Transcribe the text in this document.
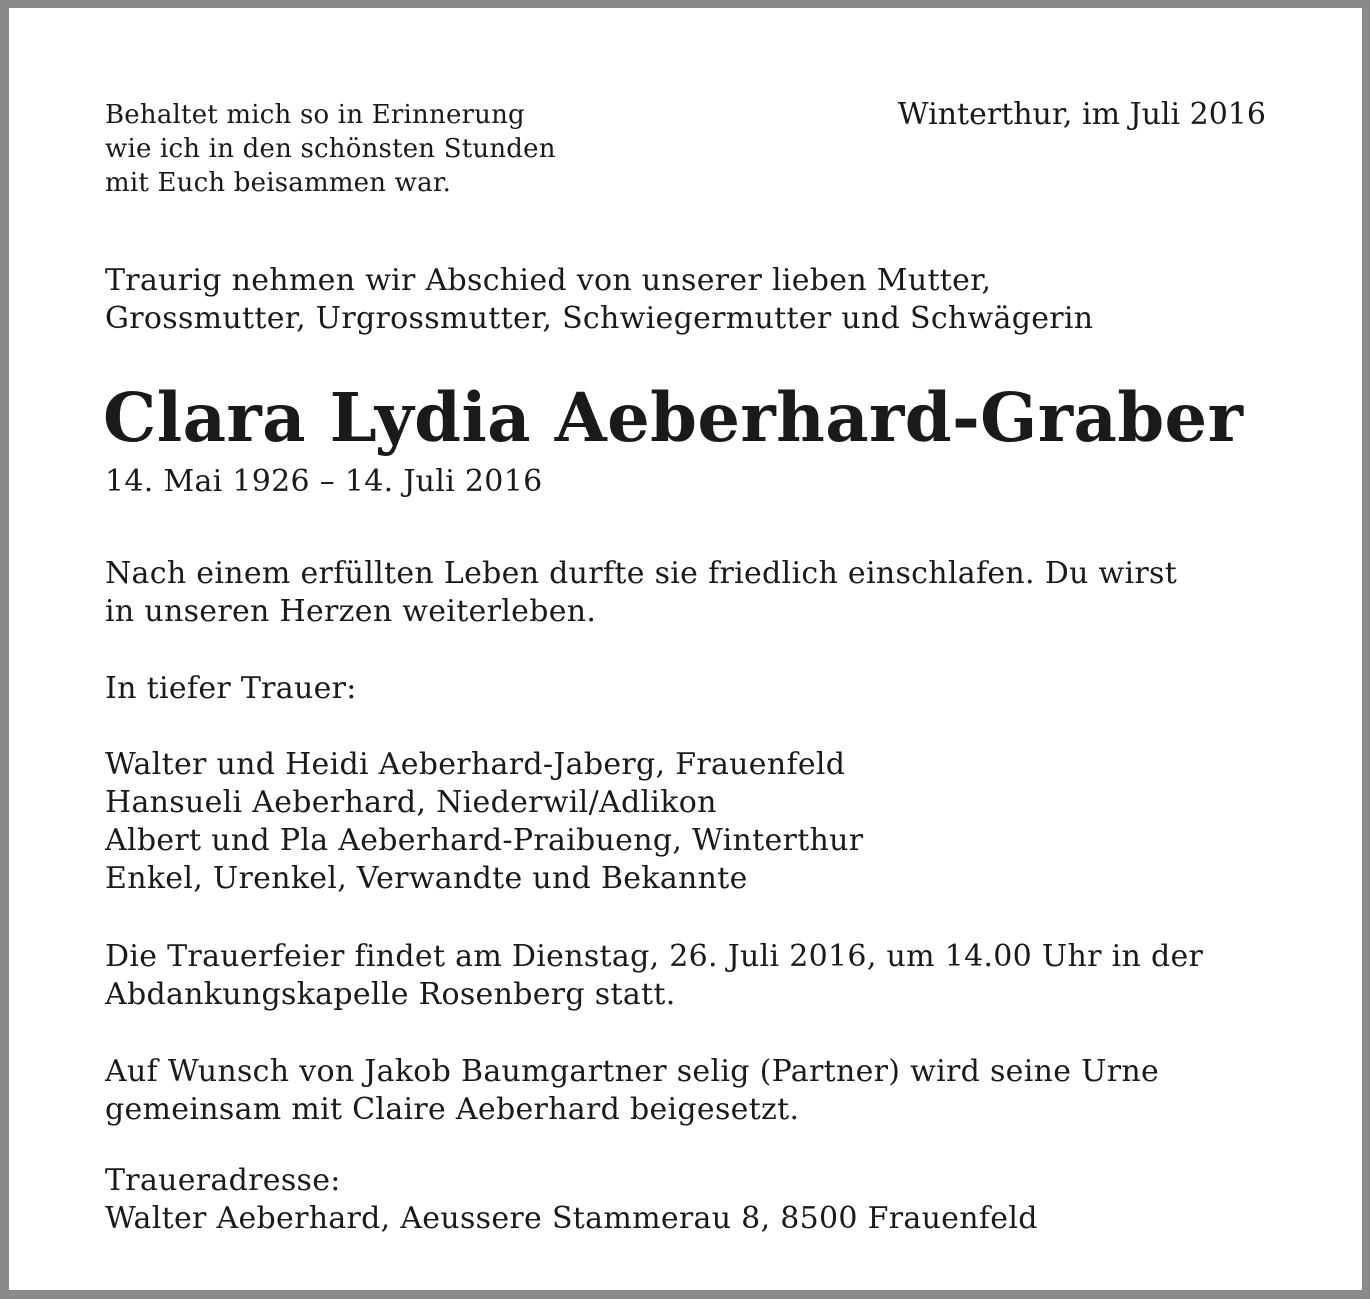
Behaltet mich so in Erinnerung
wie ich in den schönsten Stunden
mit Euch beisammen war.

Winterthur, im Juli 2016

Traurig nehmen wir Abschied von unserer lieben Mutter,
Grossmutter, Urgrossmutter, Schwiegermutter und Schwägerin

Clara Lydia Aeberhard-Graber

14. Mai 1926 – 14. Juli 2016

Nach einem erfüllten Leben durfte sie friedlich einschlafen. Du wirst
in unseren Herzen weiterleben.

In tiefer Trauer:

Walter und Heidi Aeberhard-Jaberg, Frauenfeld
Hansueli Aeberhard, Niederwil/Adlikon
Albert und Pla Aeberhard-Praibueng, Winterthur
Enkel, Urenkel, Verwandte und Bekannte

Die Trauerfeier findet am Dienstag, 26. Juli 2016, um 14.00 Uhr in der
Abdankungskapelle Rosenberg statt.

Auf Wunsch von Jakob Baumgartner selig (Partner) wird seine Urne
gemeinsam mit Claire Aeberhard beigesetzt.

Traueradresse:
Walter Aeberhard, Aeussere Stammerau 8, 8500 Frauenfeld
